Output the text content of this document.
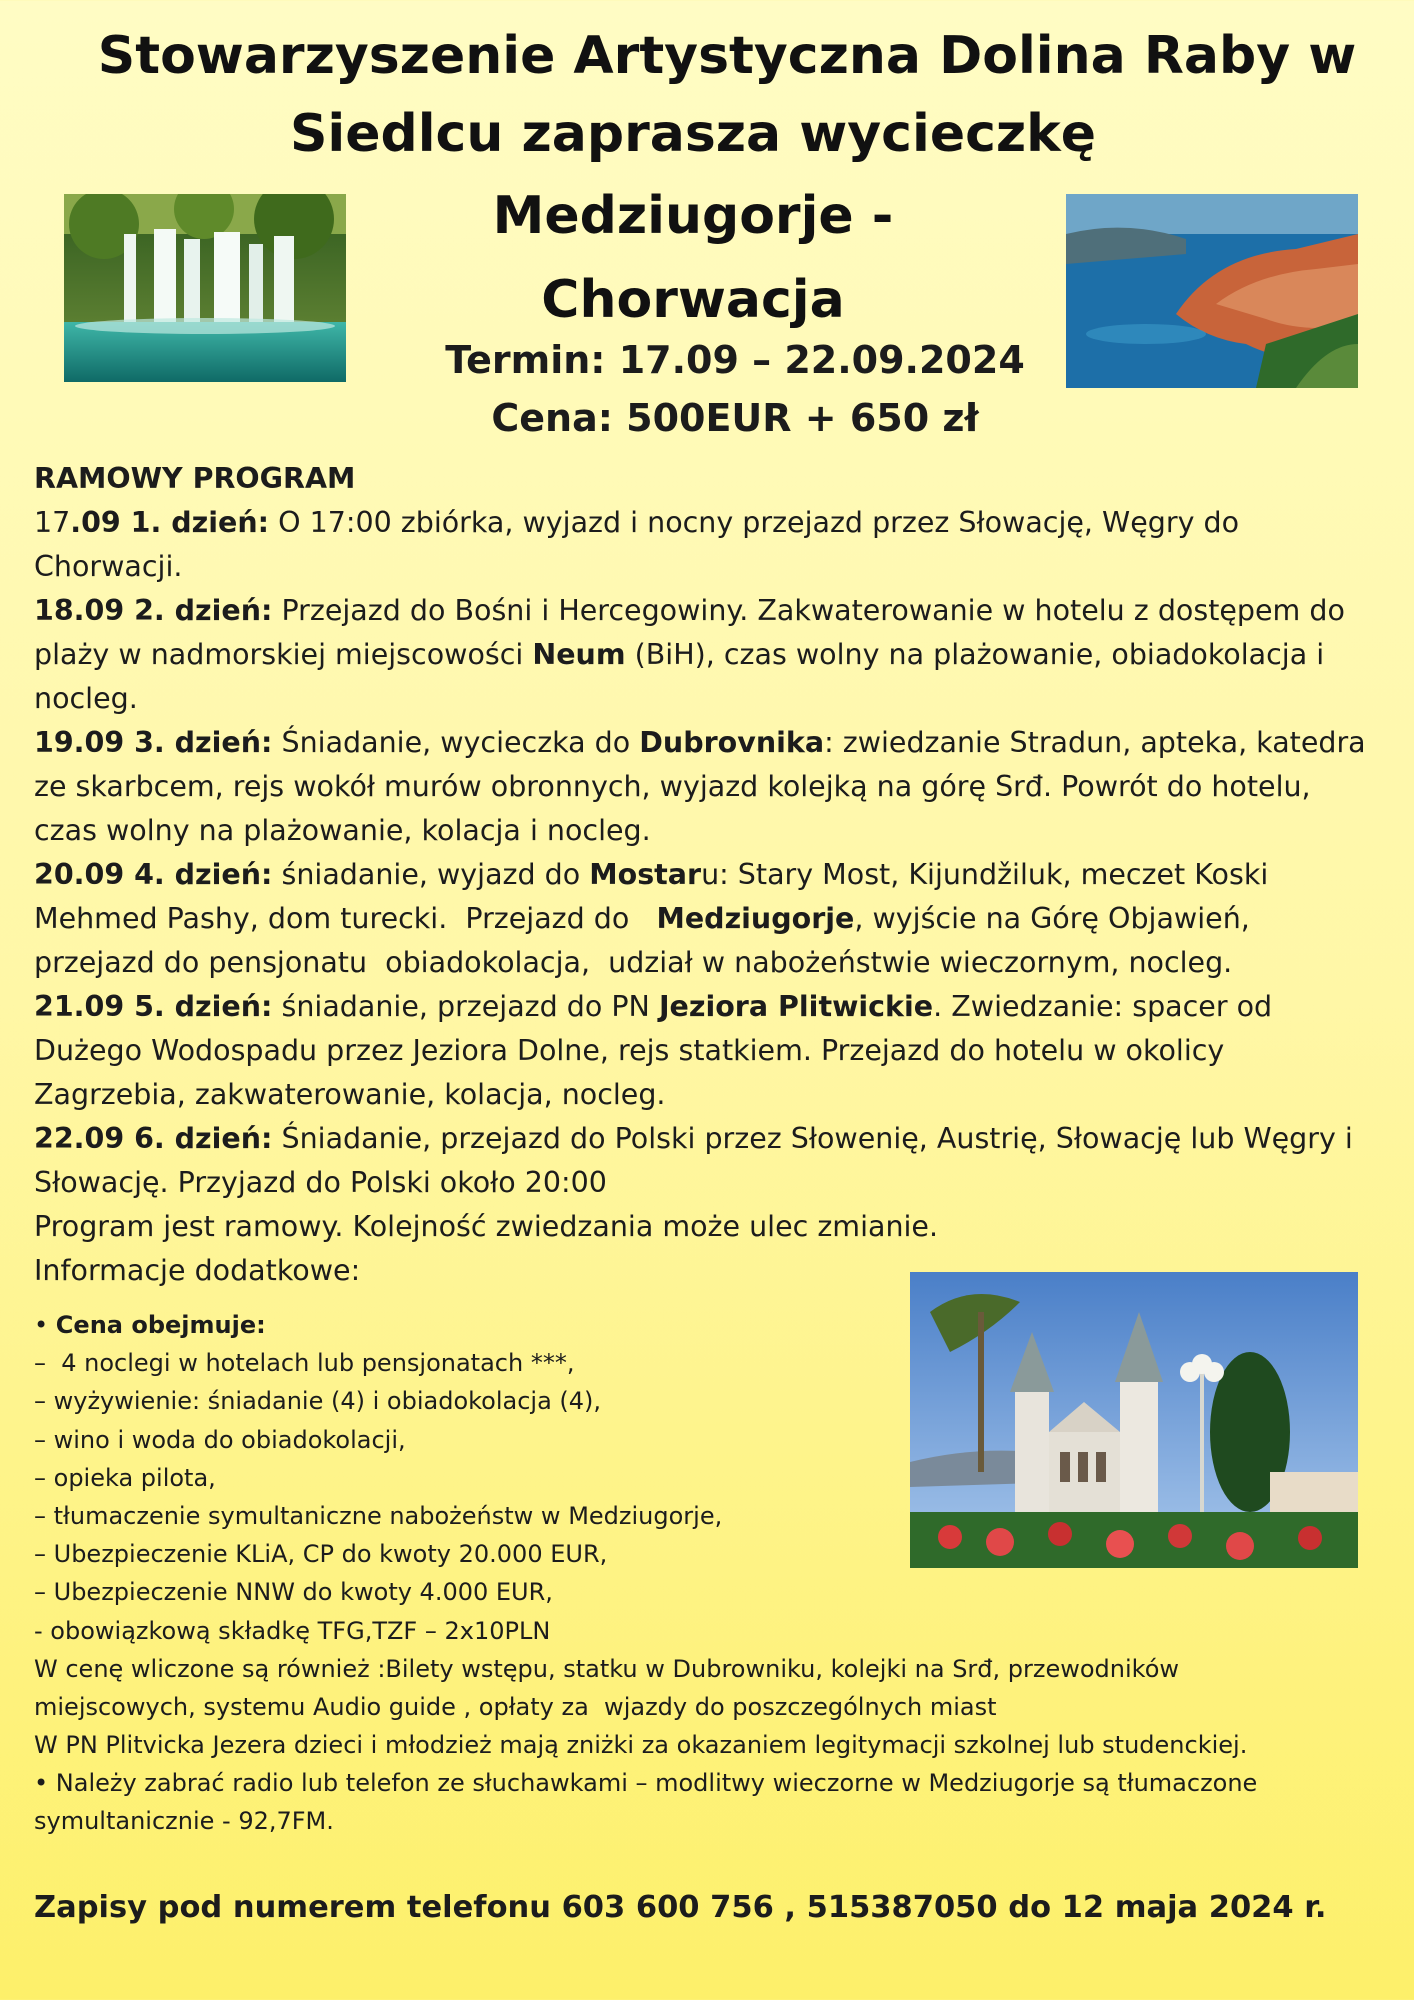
Stowarzyszenie Artystyczna Dolina Raby w
Siedlcu zaprasza wycieczkę
Medziugorje -
Chorwacja
Termin: 17.09 – 22.09.2024
Cena: 500EUR + 650 zł
RAMOWY PROGRAM
17.09 1. dzień: O 17:00 zbiórka, wyjazd i nocny przejazd przez Słowację, Węgry do
Chorwacji.
18.09 2. dzień: Przejazd do Bośni i Hercegowiny. Zakwaterowanie w hotelu z dostępem do
plaży w nadmorskiej miejscowości Neum (BiH), czas wolny na plażowanie, obiadokolacja i
nocleg.
19.09 3. dzień: Śniadanie, wycieczka do Dubrovnika: zwiedzanie Stradun, apteka, katedra
ze skarbcem, rejs wokół murów obronnych, wyjazd kolejką na górę Srđ. Powrót do hotelu,
czas wolny na plażowanie, kolacja i nocleg.
20.09 4. dzień: śniadanie, wyjazd do Mostaru: Stary Most, Kijundžiluk, meczet Koski
Mehmed Pashy, dom turecki.  Przejazd do   Medziugorje, wyjście na Górę Objawień,
przejazd do pensjonatu  obiadokolacja,  udział w nabożeństwie wieczornym, nocleg.
21.09 5. dzień: śniadanie, przejazd do PN Jeziora Plitwickie. Zwiedzanie: spacer od
Dużego Wodospadu przez Jeziora Dolne, rejs statkiem. Przejazd do hotelu w okolicy
Zagrzebia, zakwaterowanie, kolacja, nocleg.
22.09 6. dzień: Śniadanie, przejazd do Polski przez Słowenię, Austrię, Słowację lub Węgry i
Słowację. Przyjazd do Polski około 20:00
Program jest ramowy. Kolejność zwiedzania może ulec zmianie.
Informacje dodatkowe:
• Cena obejmuje:
–  4 noclegi w hotelach lub pensjonatach ***,
– wyżywienie: śniadanie (4) i obiadokolacja (4),
– wino i woda do obiadokolacji,
– opieka pilota,
– tłumaczenie symultaniczne nabożeństw w Medziugorje,
– Ubezpieczenie KLiA, CP do kwoty 20.000 EUR,
– Ubezpieczenie NNW do kwoty 4.000 EUR,
- obowiązkową składkę TFG,TZF – 2x10PLN
W cenę wliczone są również :Bilety wstępu, statku w Dubrowniku, kolejki na Srđ, przewodników
miejscowych, systemu Audio guide , opłaty za  wjazdy do poszczególnych miast
W PN Plitvicka Jezera dzieci i młodzież mają zniżki za okazaniem legitymacji szkolnej lub studenckiej.
• Należy zabrać radio lub telefon ze słuchawkami – modlitwy wieczorne w Medziugorje są tłumaczone
symultanicznie - 92,7FM.
Zapisy pod numerem telefonu 603 600 756 , 515387050 do 12 maja 2024 r.
